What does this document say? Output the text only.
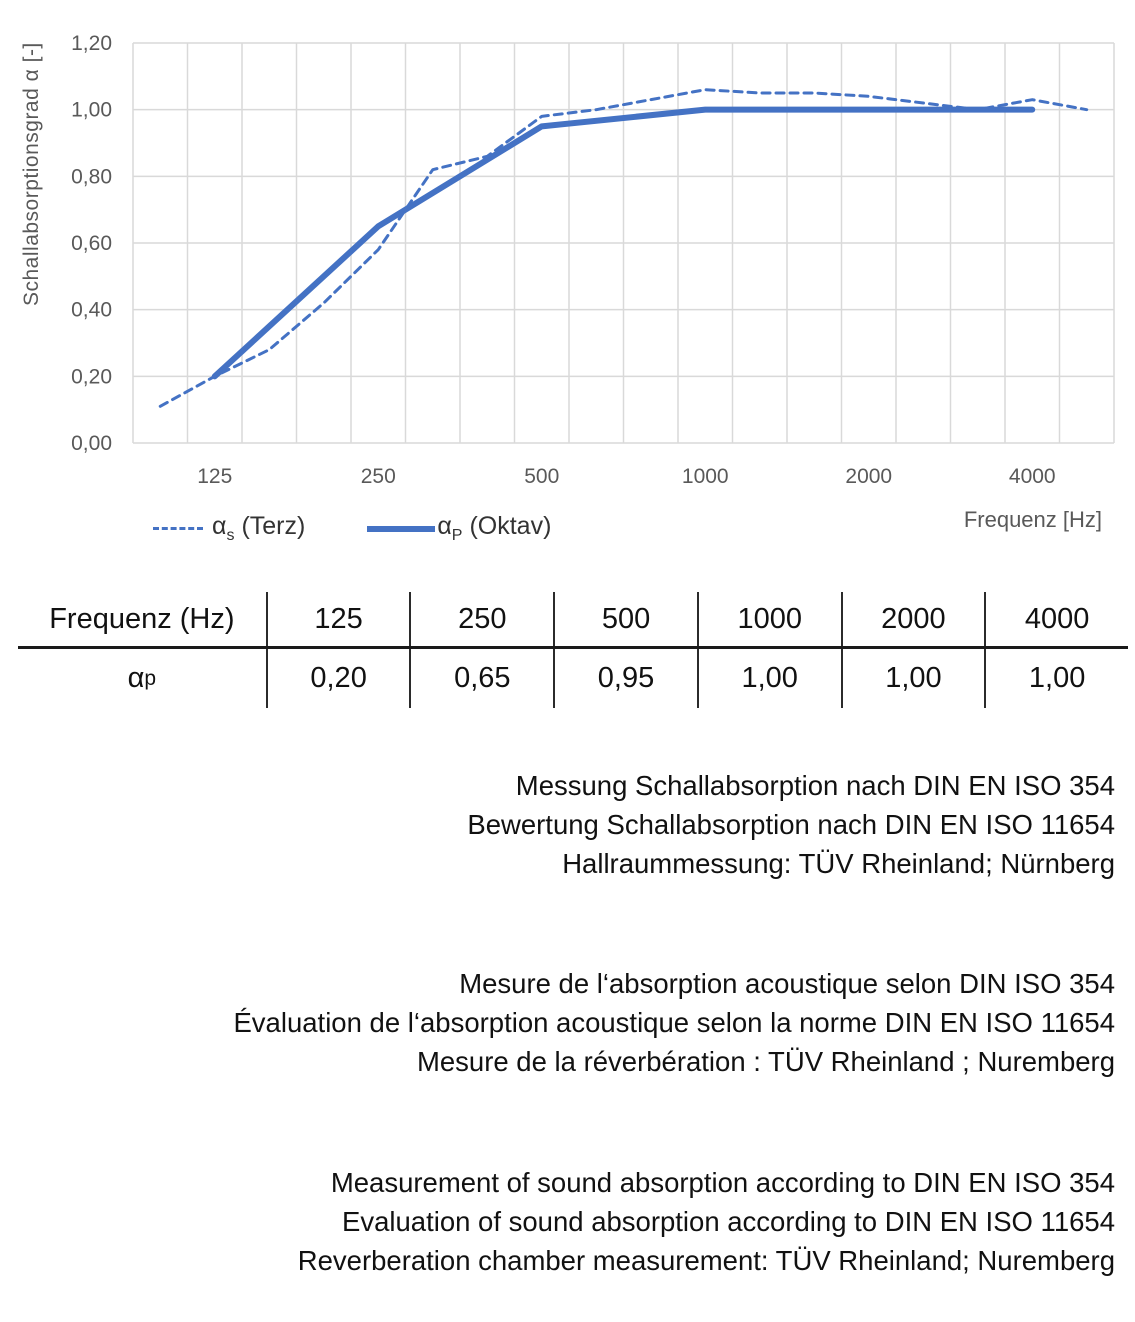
Schallabsorptionsgrad α [-] 1,20
1,00
0,80
0,60
0,40
0,20
0,00
125	250	500	1000	2000	4000
Frequenz [Hz]
$\alpha_s$ (Terz)	$\alpha_P$ (Oktav)
Frequenz (Hz)	125	250	500	1000	2000	4000
α p	0,20	0,65	0,95	1,00	1,00	1,00
Messung Schallabsorption nach DIN EN ISO 354
Bewertung Schallabsorption nach DIN EN ISO 11654
Hallraummessung: TÜV Rheinland; Nürnberg
Mesure de l‘absorption acoustique selon DIN ISO 354
Évaluation de l‘absorption acoustique selon la norme DIN EN ISO 11654
Mesure de la réverbération : TÜV Rheinland ; Nuremberg
Measurement of sound absorption according to DIN EN ISO 354
Evaluation of sound absorption according to DIN EN ISO 11654
Reverberation chamber measurement: TÜV Rheinland; Nuremberg
